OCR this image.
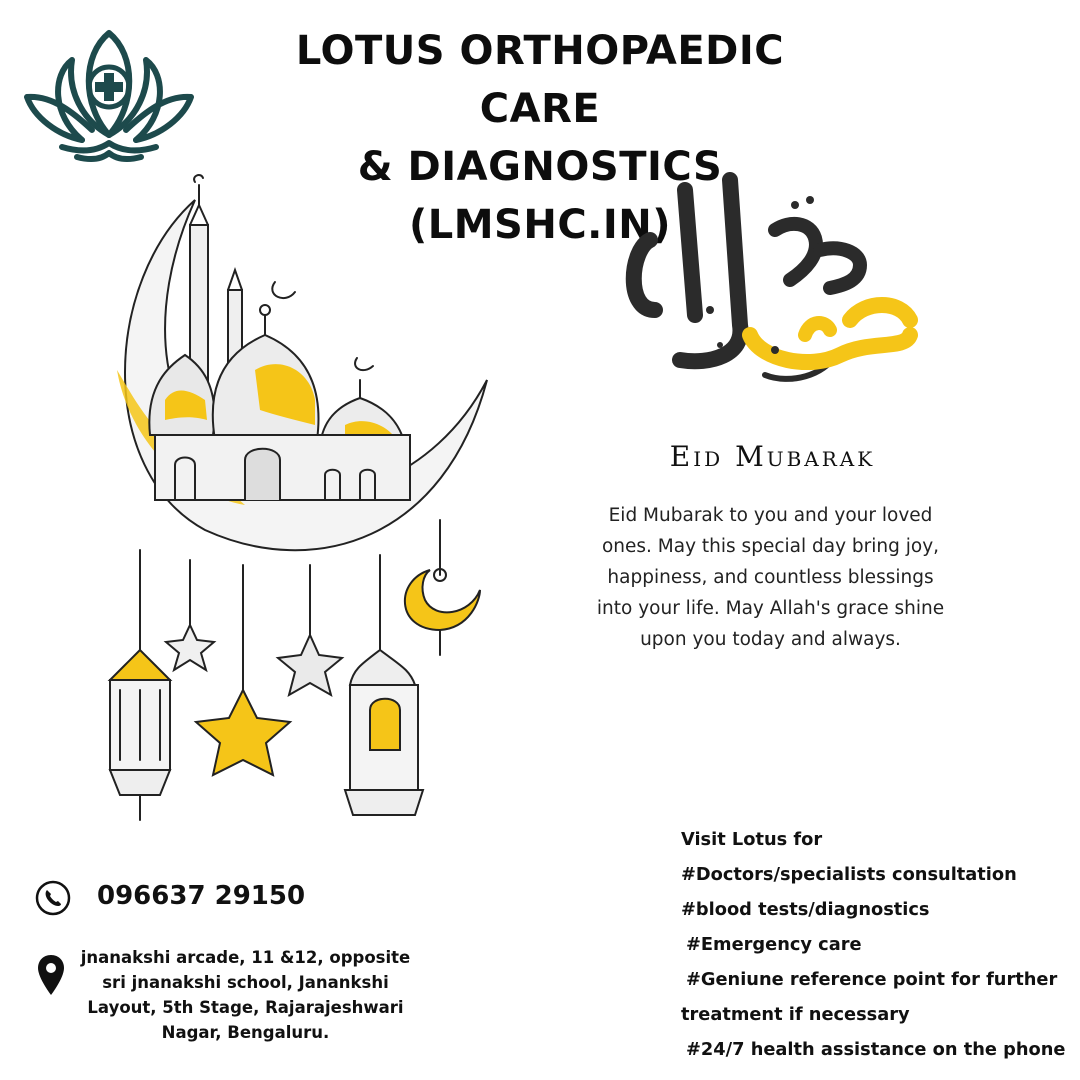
LOTUS ORTHOPAEDIC CARE
& DIAGNOSTICS (LMSHC.IN)
Eid Mubarak
Eid Mubarak to you and your loved ones. May this special day bring joy, happiness, and countless blessings into your life. May Allah's grace shine upon you today and always.
096637 29150
jnanakshi arcade, 11 &12, opposite sri jnanakshi school, Janankshi Layout, 5th Stage, Rajarajeshwari Nagar, Bengaluru.
Visit Lotus for
#Doctors/specialists consultation
#blood tests/diagnostics
#Emergency care
#Geniune reference point for further
treatment if necessary
#24/7 health assistance on the phone
